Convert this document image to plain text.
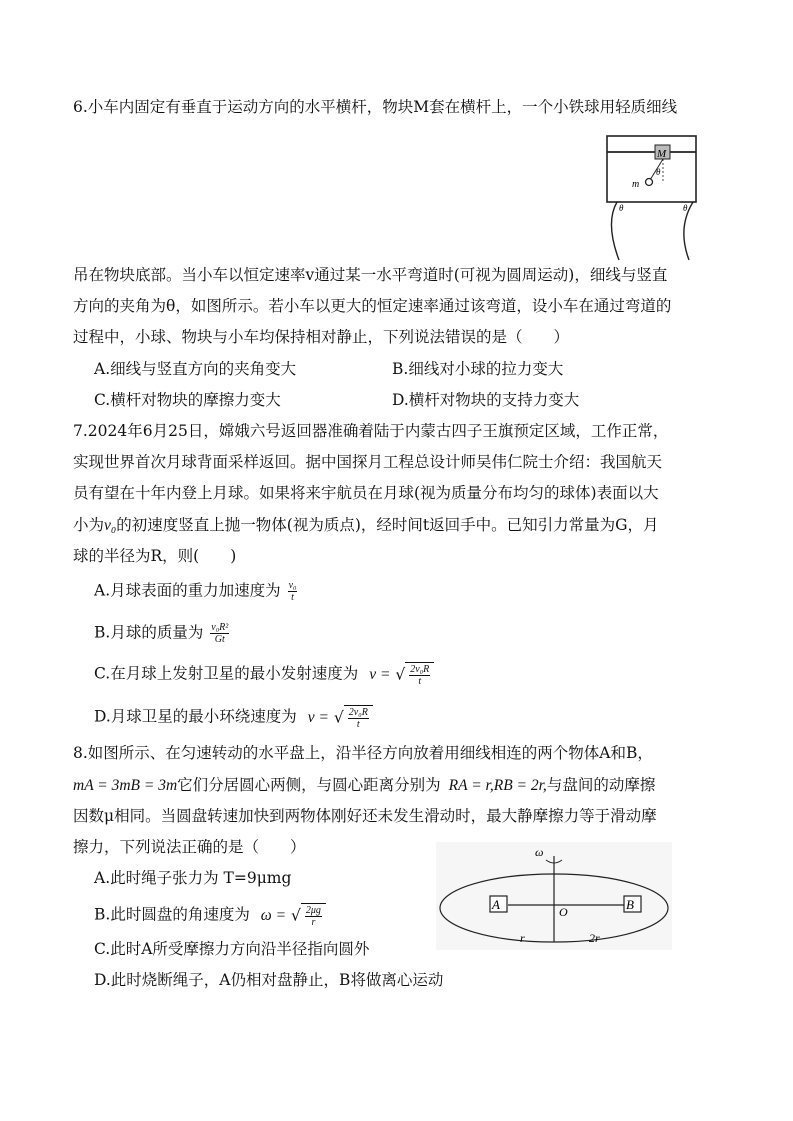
6.小车内固定有垂直于运动方向的水平横杆，物块M套在横杆上，一个小铁球用轻质细线
M
θ
m
θ	θ
吊在物块底部。当小车以恒定速率v通过某一水平弯道时(可视为圆周运动)，细线与竖直
方向的夹角为θ，如图所示。若小车以更大的恒定速率通过该弯道，设小车在通过弯道的
过程中，小球、物块与小车均保持相对静止，下列说法错误的是（　　）
A.细线与竖直方向的夹角变大	B.细线对小球的拉力变大
C.横杆对物块的摩擦力变大	D.横杆对物块的支持力变大
7.2024年6月25日，嫦娥六号返回器准确着陆于内蒙古四子王旗预定区域，工作正常，
实现世界首次月球背面采样返回。据中国探月工程总设计师吴伟仁院士介绍：我国航天
员有望在十年内登上月球。如果将来宇航员在月球(视为质量分布均匀的球体)表面以大
小为v₀的初速度竖直上抛一物体(视为质点)，经时间t返回手中。已知引力常量为G，月
球的半径为R，则(　　)
A.月球表面的重力加速度为 $\frac{\text{v₀}}{t}$
B.月球的质量为 $\frac{\text{v₀R²}}{Gt}$
C.在月球上发射卫星的最小发射速度为 v = √ $\frac{\text{2v₀R}}{t}$
D.月球卫星的最小环绕速度为 v = √ $\frac{\text{2v₀R}}{t}$
8.如图所示、在匀速转动的水平盘上，沿半径方向放着用细线相连的两个物体A和B，
mA = 3mB = 3m它们分居圆心两侧，与圆心距离分别为 RA = r,RB = 2r,与盘间的动摩擦
因数μ相同。当圆盘转速加快到两物体刚好还未发生滑动时，最大静摩擦力等于滑动摩
擦力，下列说法正确的是（　　）
A.此时绳子张力为 T=9μmg
B.此时圆盘的角速度为 ω = √ $\frac{2\mu g}{r}$
C.此时A所受摩擦力方向沿半径指向圆外
D.此时烧断绳子，A仍相对盘静止，B将做离心运动
ω
A	B
O
r	2r
